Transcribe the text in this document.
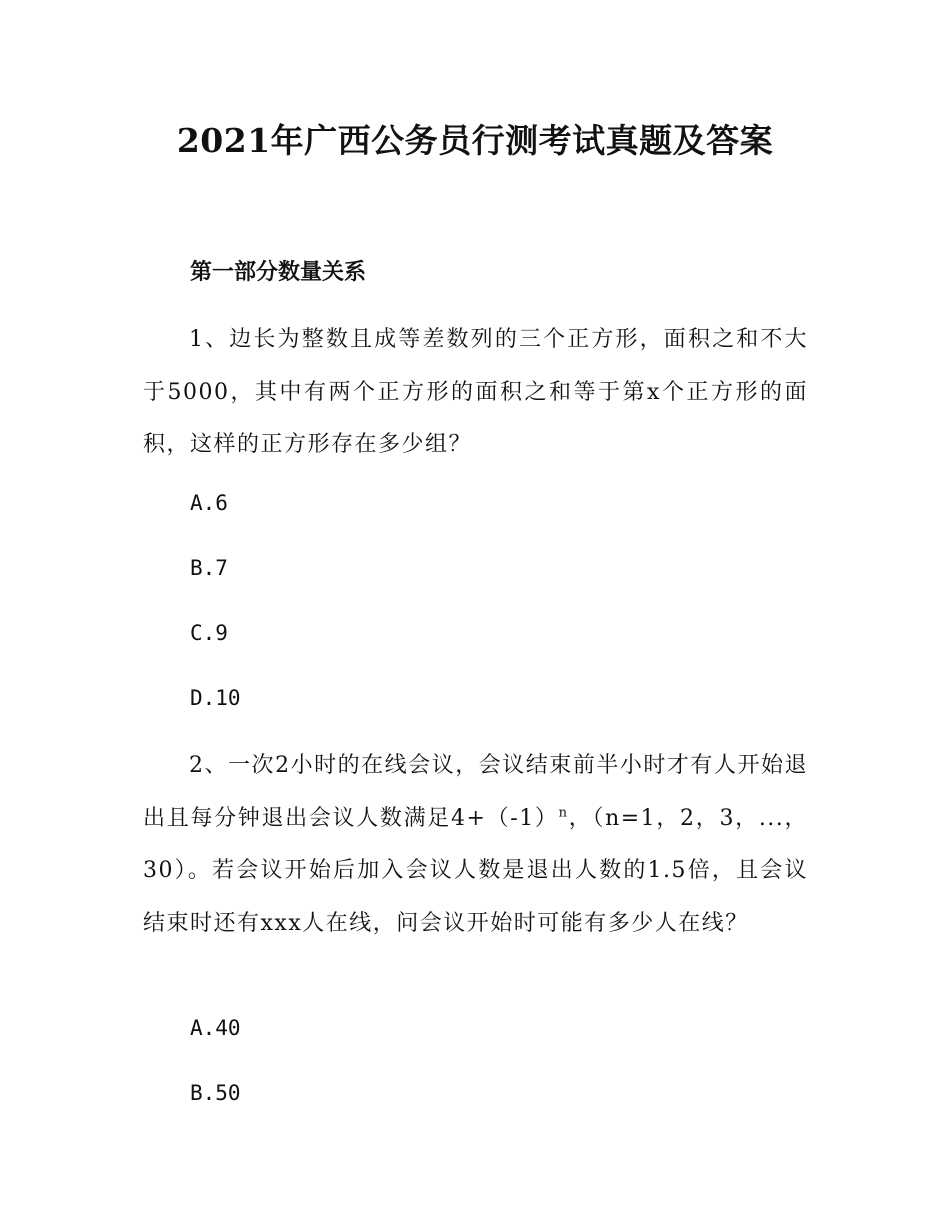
2021年广西公务员行测考试真题及答案
第一部分数量关系

1、边长为整数且成等差数列的三个正方形，面积之和不大于5000，其中有两个正方形的面积之和等于第x个正方形的面积，这样的正方形存在多少组？

A.6

B.7

C.9

D.10

2、一次2小时的在线会议，会议结束前半小时才有人开始退出且每分钟退出会议人数满足$4+(-1)^n$，（n=1，2，3，...，30）。若会议开始后加入会议人数是退出人数的1.5倍，且会议结束时还有xxx人在线，问会议开始时可能有多少人在线？

A.40

B.50
